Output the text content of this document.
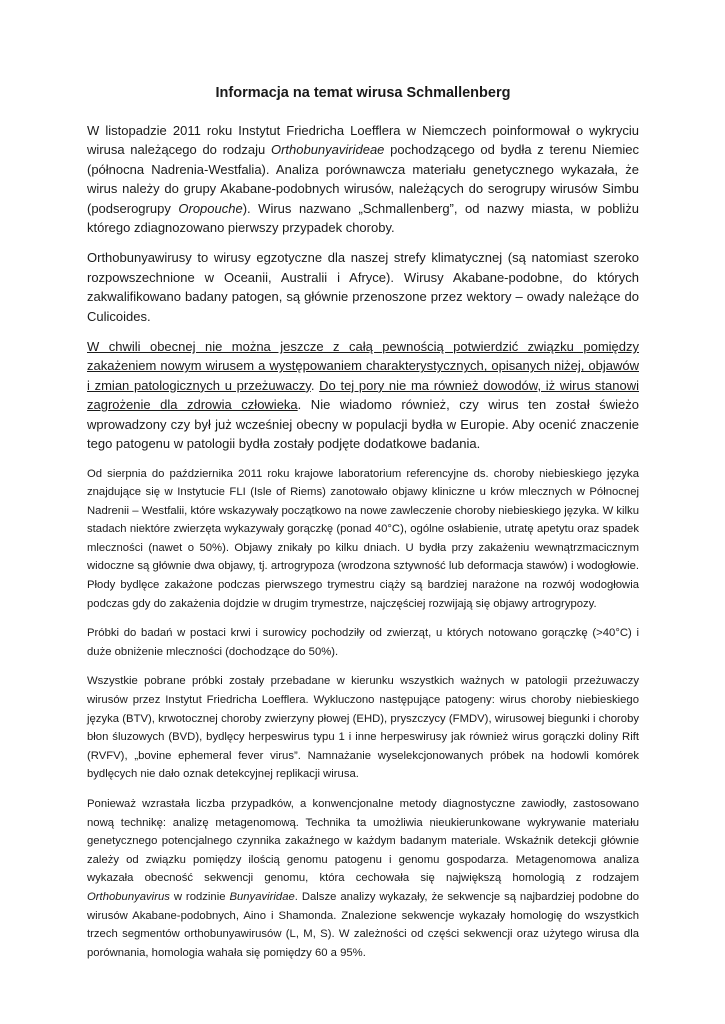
Informacja na temat wirusa Schmallenberg

W listopadzie 2011 roku Instytut Friedricha Loefflera w Niemczech poinformował o wykryciu wirusa należącego do rodzaju Orthobunyavirideae pochodzącego od bydła z terenu Niemiec (północna Nadrenia-Westfalia). Analiza porównawcza materiału genetycznego wykazała, że wirus należy do grupy Akabane-podobnych wirusów, należących do serogrupy wirusów Simbu (podserogrupy Oropouche). Wirus nazwano „Schmallenberg”, od nazwy miasta, w pobliżu którego zdiagnozowano pierwszy przypadek choroby.

Orthobunyawirusy to wirusy egzotyczne dla naszej strefy klimatycznej (są natomiast szeroko rozpowszechnione w Oceanii, Australii i Afryce). Wirusy Akabane-podobne, do których zakwalifikowano badany patogen, są głównie przenoszone przez wektory – owady należące do Culicoides.

W chwili obecnej nie można jeszcze z całą pewnością potwierdzić związku pomiędzy zakażeniem nowym wirusem a występowaniem charakterystycznych, opisanych niżej, objawów i zmian patologicznych u przeżuwaczy. Do tej pory nie ma również dowodów, iż wirus stanowi zagrożenie dla zdrowia człowieka. Nie wiadomo również, czy wirus ten został świeżo wprowadzony czy był już wcześniej obecny w populacji bydła w Europie. Aby ocenić znaczenie tego patogenu w patologii bydła zostały podjęte dodatkowe badania.

Od sierpnia do października 2011 roku krajowe laboratorium referencyjne ds. choroby niebieskiego języka znajdujące się w Instytucie FLI (Isle of Riems) zanotowało objawy kliniczne u krów mlecznych w Północnej Nadrenii – Westfalii, które wskazywały początkowo na nowe zawleczenie choroby niebieskiego języka. W kilku stadach niektóre zwierzęta wykazywały gorączkę (ponad 40°C), ogólne osłabienie, utratę apetytu oraz spadek mleczności (nawet o 50%). Objawy znikały po kilku dniach. U bydła przy zakażeniu wewnątrzmacicznym widoczne są głównie dwa objawy, tj. artrogrypoza (wrodzona sztywność lub deformacja stawów) i wodogłowie. Płody bydlęce zakażone podczas pierwszego trymestru ciąży są bardziej narażone na rozwój wodogłowia podczas gdy do zakażenia dojdzie w drugim trymestrze, najczęściej rozwijają się objawy artrogrypozy.

Próbki do badań w postaci krwi i surowicy pochodziły od zwierząt, u których notowano gorączkę (>40°C) i duże obniżenie mleczności (dochodzące do 50%).

Wszystkie pobrane próbki zostały przebadane w kierunku wszystkich ważnych w patologii przeżuwaczy wirusów przez Instytut Friedricha Loefflera. Wykluczono następujące patogeny: wirus choroby niebieskiego języka (BTV), krwotocznej choroby zwierzyny płowej (EHD), pryszczycy (FMDV), wirusowej biegunki i choroby błon śluzowych (BVD), bydlęcy herpeswirus typu 1 i inne herpeswirusy jak również wirus gorączki doliny Rift (RVFV), „bovine ephemeral fever virus”. Namnażanie wyselekcjonowanych próbek na hodowli komórek bydlęcych nie dało oznak detekcyjnej replikacji wirusa.

Ponieważ wzrastała liczba przypadków, a konwencjonalne metody diagnostyczne zawiodły, zastosowano nową technikę: analizę metagenomową. Technika ta umożliwia nieukierunkowane wykrywanie materiału genetycznego potencjalnego czynnika zakaźnego w każdym badanym materiale. Wskaźnik detekcji głównie zależy od związku pomiędzy ilością genomu patogenu i genomu gospodarza. Metagenomowa analiza wykazała obecność sekwencji genomu, która cechowała się największą homologią z rodzajem Orthobunyavirus w rodzinie Bunyaviridae. Dalsze analizy wykazały, że sekwencje są najbardziej podobne do wirusów Akabane-podobnych, Aino i Shamonda. Znalezione sekwencje wykazały homologię do wszystkich trzech segmentów orthobunyawirusów (L, M, S). W zależności od części sekwencji oraz użytego wirusa dla porównania, homologia wahała się pomiędzy 60 a 95%.
